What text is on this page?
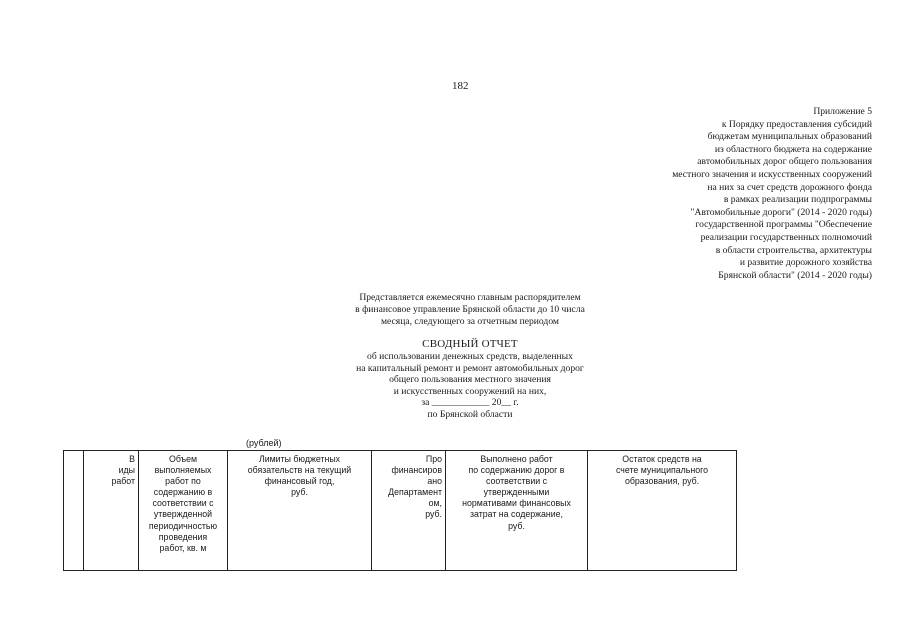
182
Приложение 5
к Порядку предоставления субсидий
бюджетам муниципальных образований
из областного бюджета на содержание
автомобильных дорог общего пользования
местного значения и искусственных сооружений
на них за счет средств дорожного фонда
в рамках реализации подпрограммы
"Автомобильные дороги" (2014 - 2020 годы)
государственной программы "Обеспечение
реализации государственных полномочий
в области строительства, архитектуры
и развитие дорожного хозяйства
Брянской области" (2014 - 2020 годы)
Представляется ежемесячно главным распорядителем
в финансовое управление Брянской области до 10 числа
месяца, следующего за отчетным периодом
СВОДНЫЙ ОТЧЕТ
об использовании денежных средств, выделенных
на капитальный ремонт и ремонт автомобильных дорог
общего пользования местного значения
и искусственных сооружений на них,
за ____________ 20__ г.
по Брянской области
(рублей)
	В
иды
работ	Объем
выполняемых
работ по
содержанию в
соответствии с
утвержденной
периодичностью
проведения
работ, кв. м	Лимиты бюджетных
обязательств на текущий
финансовый год,
руб.	Про
финансиров
ано
Департамент
ом,
руб.	Выполнено работ
по содержанию дорог в
соответствии с
утвержденными
нормативами финансовых
затрат на содержание,
руб.	Остаток средств на
счете муниципального
образования, руб.
